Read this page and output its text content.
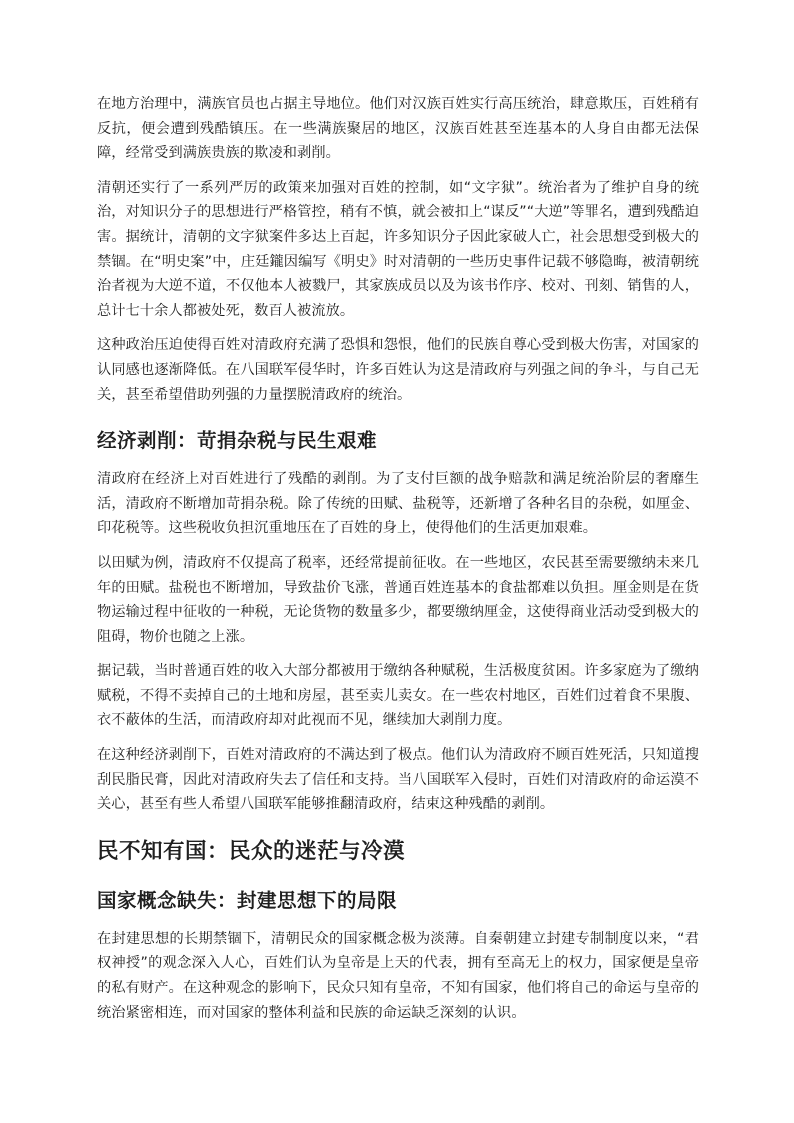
在地方治理中，满族官员也占据主导地位。他们对汉族百姓实行高压统治，肆意欺压，百姓稍有反抗，便会遭到残酷镇压。在一些满族聚居的地区，汉族百姓甚至连基本的人身自由都无法保障，经常受到满族贵族的欺凌和剥削。

清朝还实行了一系列严厉的政策来加强对百姓的控制，如“文字狱”。统治者为了维护自身的统治，对知识分子的思想进行严格管控，稍有不慎，就会被扣上“谋反”“大逆”等罪名，遭到残酷迫害。据统计，清朝的文字狱案件多达上百起，许多知识分子因此家破人亡，社会思想受到极大的禁锢。在“明史案”中，庄廷鑨因编写《明史》时对清朝的一些历史事件记载不够隐晦，被清朝统治者视为大逆不道，不仅他本人被戮尸，其家族成员以及为该书作序、校对、刊刻、销售的人，总计七十余人都被处死，数百人被流放。

这种政治压迫使得百姓对清政府充满了恐惧和怨恨，他们的民族自尊心受到极大伤害，对国家的认同感也逐渐降低。在八国联军侵华时，许多百姓认为这是清政府与列强之间的争斗，与自己无关，甚至希望借助列强的力量摆脱清政府的统治。

经济剥削：苛捐杂税与民生艰难

清政府在经济上对百姓进行了残酷的剥削。为了支付巨额的战争赔款和满足统治阶层的奢靡生活，清政府不断增加苛捐杂税。除了传统的田赋、盐税等，还新增了各种名目的杂税，如厘金、印花税等。这些税收负担沉重地压在了百姓的身上，使得他们的生活更加艰难。

以田赋为例，清政府不仅提高了税率，还经常提前征收。在一些地区，农民甚至需要缴纳未来几年的田赋。盐税也不断增加，导致盐价飞涨，普通百姓连基本的食盐都难以负担。厘金则是在货物运输过程中征收的一种税，无论货物的数量多少，都要缴纳厘金，这使得商业活动受到极大的阻碍，物价也随之上涨。

据记载，当时普通百姓的收入大部分都被用于缴纳各种赋税，生活极度贫困。许多家庭为了缴纳赋税，不得不卖掉自己的土地和房屋，甚至卖儿卖女。在一些农村地区，百姓们过着食不果腹、衣不蔽体的生活，而清政府却对此视而不见，继续加大剥削力度。

在这种经济剥削下，百姓对清政府的不满达到了极点。他们认为清政府不顾百姓死活，只知道搜刮民脂民膏，因此对清政府失去了信任和支持。当八国联军入侵时，百姓们对清政府的命运漠不关心，甚至有些人希望八国联军能够推翻清政府，结束这种残酷的剥削。

民不知有国：民众的迷茫与冷漠
国家概念缺失：封建思想下的局限

在封建思想的长期禁锢下，清朝民众的国家概念极为淡薄。自秦朝建立封建专制制度以来，“君权神授”的观念深入人心，百姓们认为皇帝是上天的代表，拥有至高无上的权力，国家便是皇帝的私有财产。在这种观念的影响下，民众只知有皇帝，不知有国家，他们将自己的命运与皇帝的统治紧密相连，而对国家的整体利益和民族的命运缺乏深刻的认识。
